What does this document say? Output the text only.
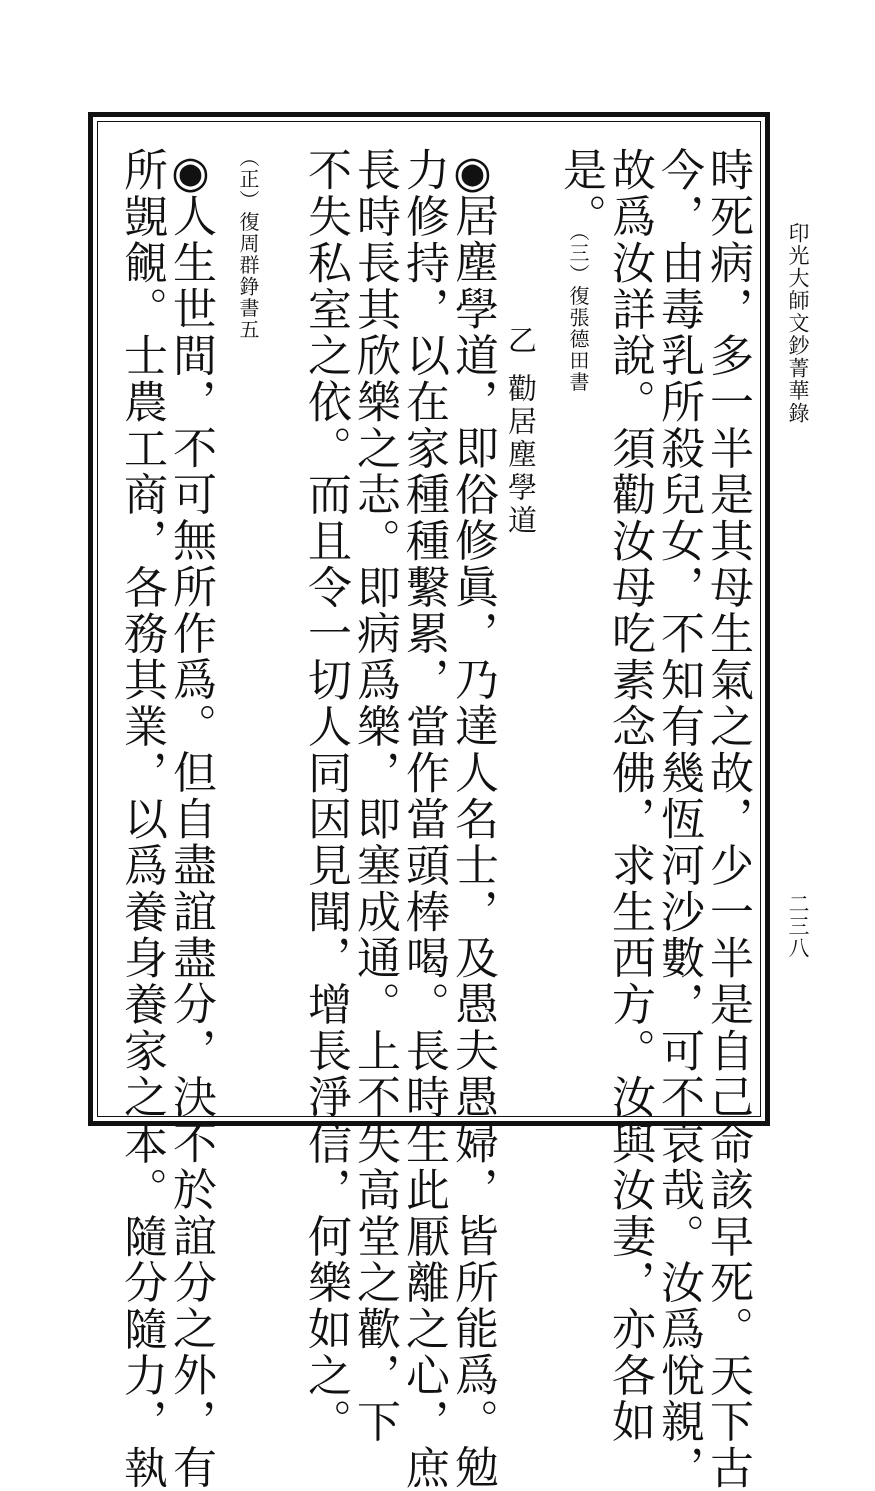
印光大師文鈔菁華錄
二三八
時死病，多一半是其母生氣之故，少一半是自己命該早死。天下古
今，由毒乳所殺兒女，不知有幾恆河沙數，可不哀哉。汝爲悅親，
故爲汝詳說。須勸汝母吃素念佛，求生西方。汝與汝妻，亦各如
是。
（三）復張德田書
乙
勸居塵學道
◉
居塵學道，即俗修眞，乃達人名士，及愚夫愚婦，皆所能爲。勉
力修持，以在家種種繫累，當作當頭棒喝。長時生此厭離之心，庶
長時長其欣樂之志。即病爲樂，即塞成通。上不失高堂之歡，下
不失私室之依。而且令一切人同因見聞，增長淨信，何樂如之。
（正）復周群錚書五
◉
人生世間，不可無所作爲。但自盡誼盡分，決不於誼分之外，有
所覬覦。士農工商，各務其業，以爲養身養家之本。隨分隨力，執
